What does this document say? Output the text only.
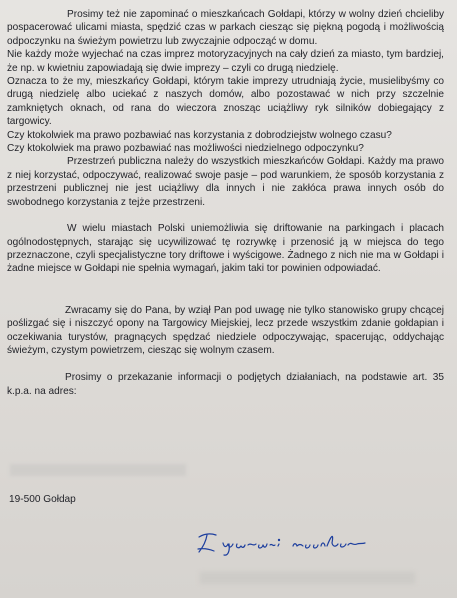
Prosimy też nie zapominać o mieszkańcach Gołdapi, którzy w wolny dzień chcieliby pospacerować ulicami miasta, spędzić czas w parkach ciesząc się piękną pogodą i możliwością odpoczynku na świeżym powietrzu lub zwyczajnie odpocząć w domu.

Nie każdy może wyjechać na czas imprez motoryzacyjnych na cały dzień za miasto, tym bardziej, że np. w kwietniu zapowiadają się dwie imprezy – czyli co drugą niedzielę.

Oznacza to że my, mieszkańcy Gołdapi, którym takie imprezy utrudniają życie, musielibyśmy co drugą niedzielę albo uciekać z naszych domów, albo pozostawać w nich przy szczelnie zamkniętych oknach, od rana do wieczora znosząc uciążliwy ryk silników dobiegający z targowicy.

Czy ktokolwiek ma prawo pozbawiać nas korzystania z dobrodziejstw wolnego czasu?

Czy ktokolwiek ma prawo pozbawiać nas możliwości niedzielnego odpoczynku?

Przestrzeń publiczna należy do wszystkich mieszkańców Gołdapi. Każdy ma prawo z niej korzystać, odpoczywać, realizować swoje pasje – pod warunkiem, że sposób korzystania z przestrzeni publicznej nie jest uciążliwy dla innych i nie zakłóca prawa innych osób do swobodnego korzystania z tejże przestrzeni.

W wielu miastach Polski uniemożliwia się driftowanie na parkingach i placach ogólnodostępnych, starając się ucywilizować tę rozrywkę i przenosić ją w miejsca do tego przeznaczone, czyli specjalistyczne tory driftowe i wyścigowe. Żadnego z nich nie ma w Gołdapi i żadne miejsce w Gołdapi nie spełnia wymagań, jakim taki tor powinien odpowiadać.

Zwracamy się do Pana, by wziął Pan pod uwagę nie tylko stanowisko grupy chcącej poślizgać się i niszczyć opony na Targowicy Miejskiej, lecz przede wszystkim zdanie gołdapian i oczekiwania turystów, pragnących spędzać niedziele odpoczywając, spacerując, oddychając świeżym, czystym powietrzem, ciesząc się wolnym czasem.

Prosimy o przekazanie informacji o podjętych działaniach, na podstawie art. 35 k.p.a. na adres:

19-500 Gołdap
